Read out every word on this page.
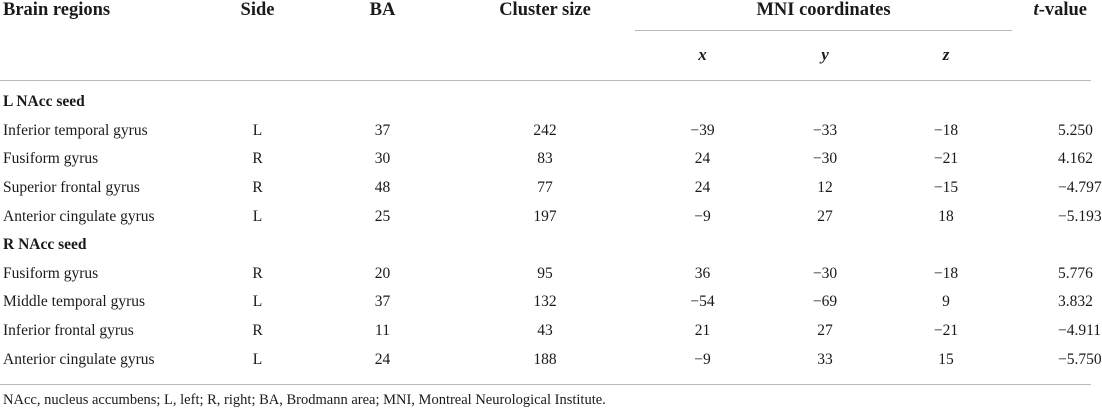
Brain regions	Side	BA	Cluster size	MNI coordinates			t-value
				x	y	z	

L NAcc seed							
Inferior temporal gyrus	L	37	242	−39	−33	−18	5.250
Fusiform gyrus	R	30	83	24	−30	−21	4.162
Superior frontal gyrus	R	48	77	24	12	−15	−4.797
Anterior cingulate gyrus	L	25	197	−9	27	18	−5.193
R NAcc seed							
Fusiform gyrus	R	20	95	36	−30	−18	5.776
Middle temporal gyrus	L	37	132	−54	−69	9	3.832
Inferior frontal gyrus	R	11	43	21	27	−21	−4.911
Anterior cingulate gyrus	L	24	188	−9	33	15	−5.750
NAcc, nucleus accumbens; L, left; R, right; BA, Brodmann area; MNI, Montreal Neurological Institute.
